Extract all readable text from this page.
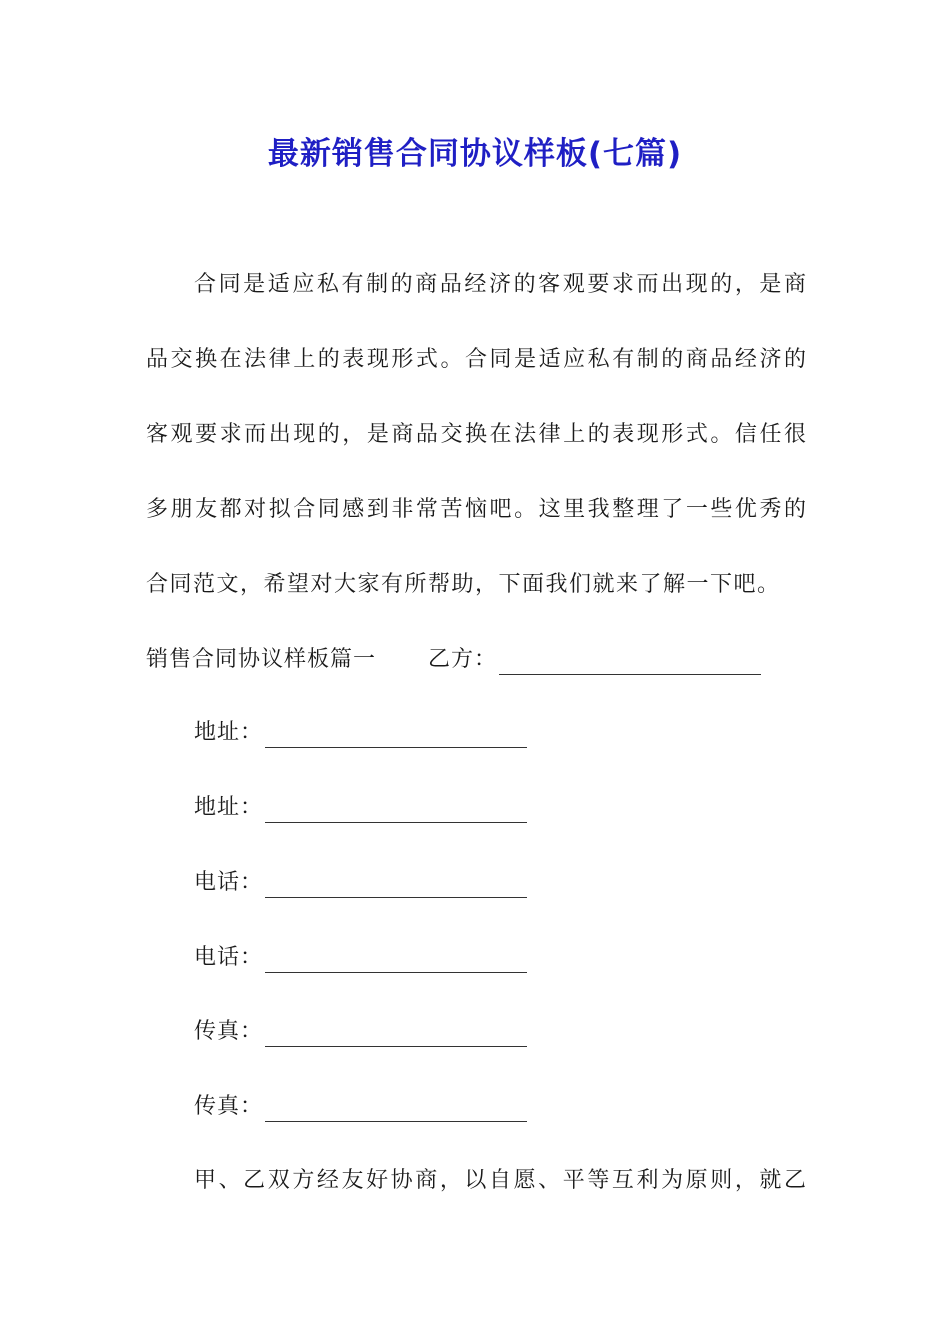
最新销售合同协议样板(七篇)
合同是适应私有制的商品经济的客观要求而出现的，是商
品交换在法律上的表现形式。合同是适应私有制的商品经济的
客观要求而出现的，是商品交换在法律上的表现形式。信任很
多朋友都对拟合同感到非常苦恼吧。这里我整理了一些优秀的
合同范文，希望对大家有所帮助，下面我们就来了解一下吧。
销售合同协议样板篇一 乙方：
地址：
地址：
电话：
电话：
传真：
传真：
甲、乙双方经友好协商，以自愿、平等互利为原则，就乙
